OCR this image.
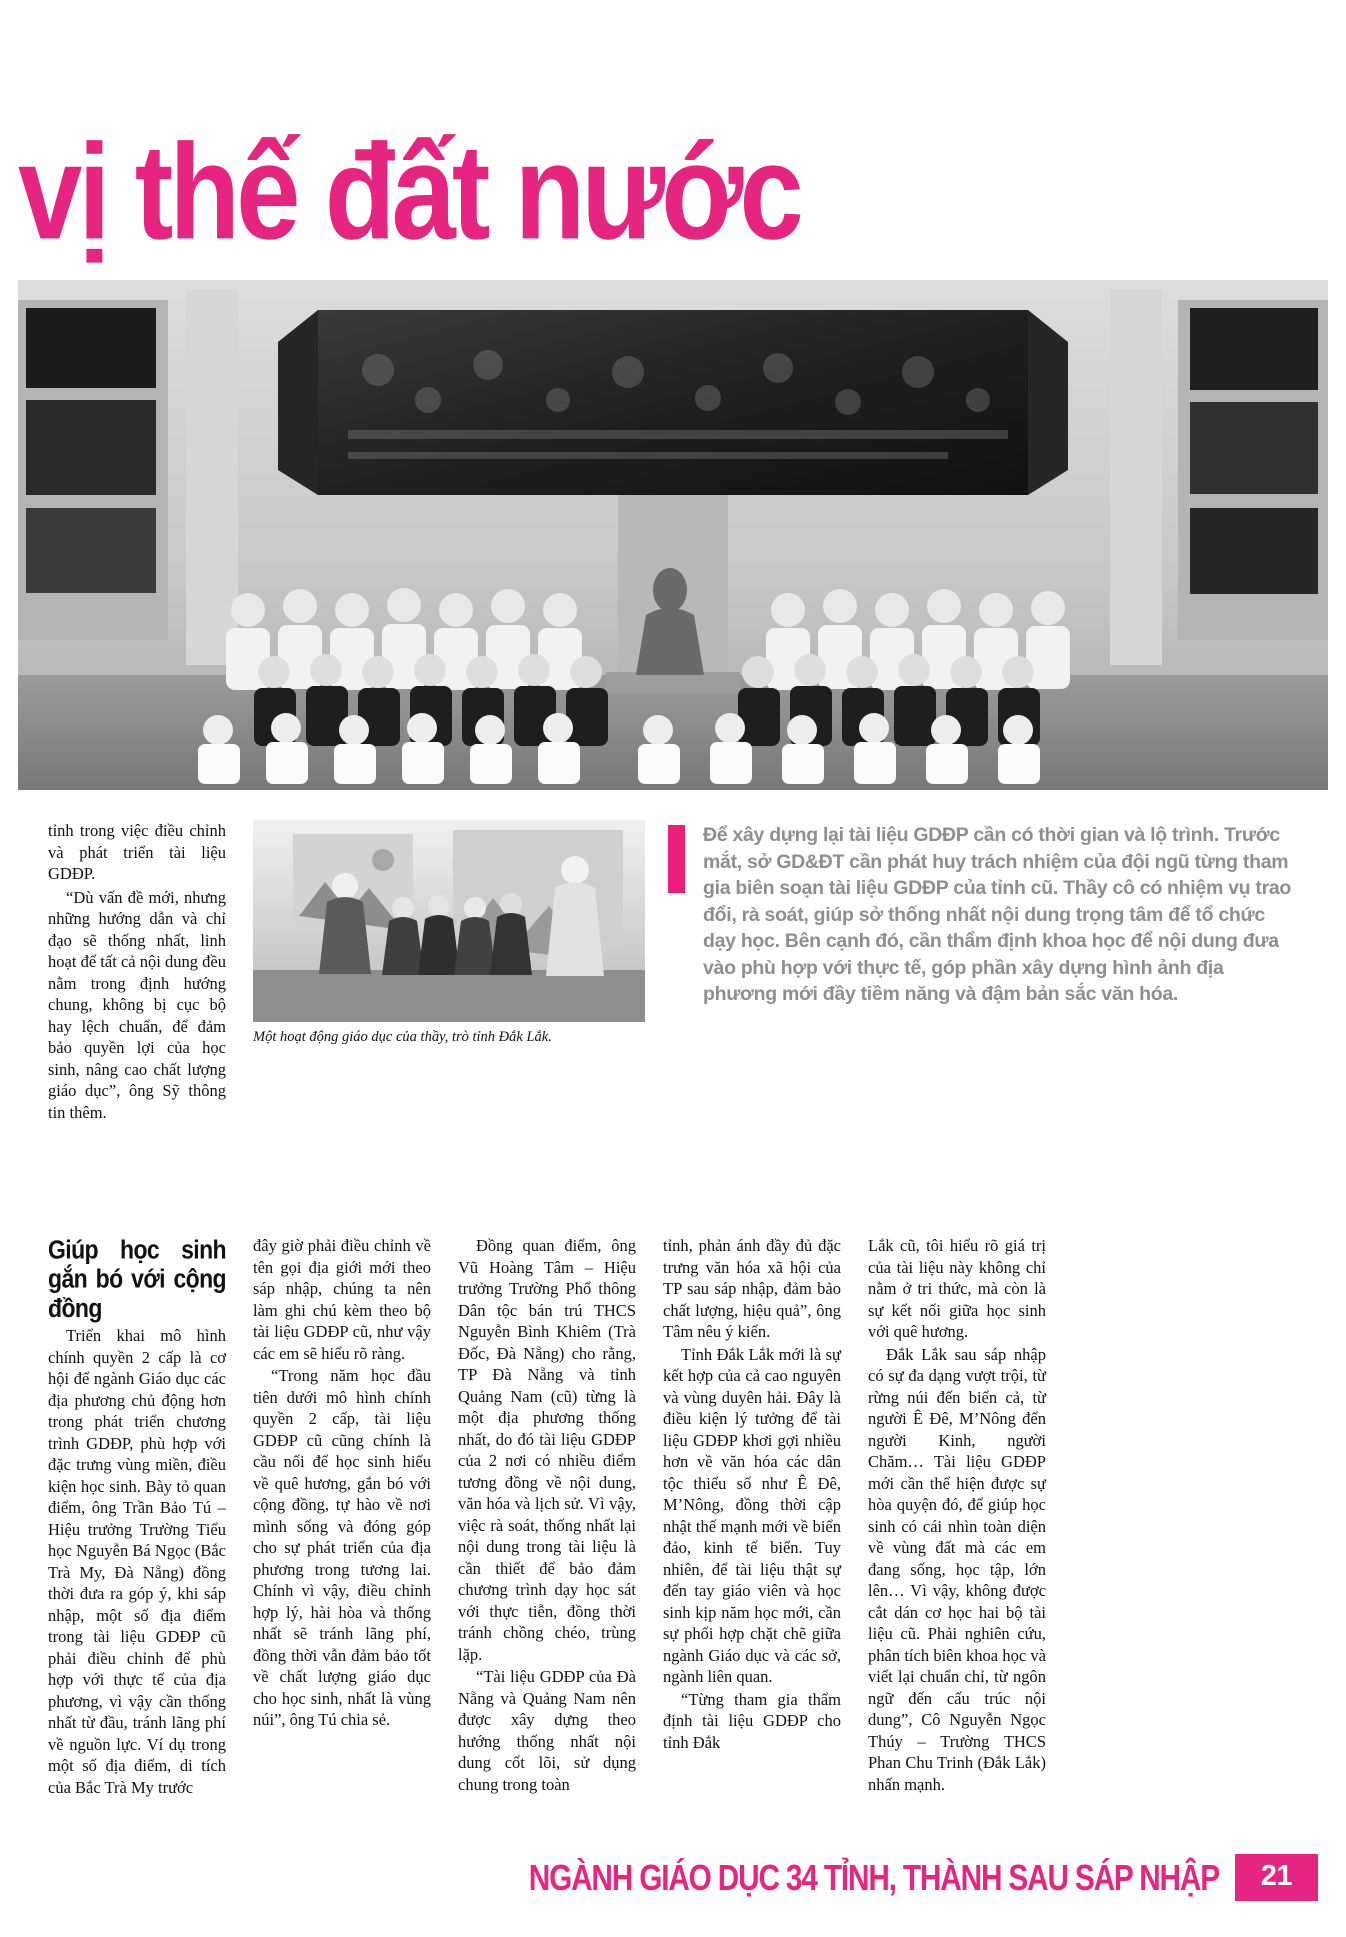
vị thế đất nước

tỉnh trong việc điều chỉnh và phát triển tài liệu GDĐP.

“Dù vấn đề mới, nhưng những hướng dẫn và chỉ đạo sẽ thống nhất, linh hoạt để tất cả nội dung đều nằm trong định hướng chung, không bị cục bộ hay lệch chuẩn, để đảm bảo quyền lợi của học sinh, nâng cao chất lượng giáo dục”, ông Sỹ thông tin thêm.

Một hoạt động giáo dục của thầy, trò tỉnh Đắk Lắk.
Để xây dựng lại tài liệu GDĐP cần có thời gian và lộ trình. Trước mắt, sở GD&ĐT cần phát huy trách nhiệm của đội ngũ từng tham gia biên soạn tài liệu GDĐP của tỉnh cũ. Thầy cô có nhiệm vụ trao đổi, rà soát, giúp sở thống nhất nội dung trọng tâm để tổ chức dạy học. Bên cạnh đó, cần thẩm định khoa học để nội dung đưa vào phù hợp với thực tế, góp phần xây dựng hình ảnh địa phương mới đầy tiềm năng và đậm bản sắc văn hóa.
Giúp học sinh gắn bó với cộng đồng

Triển khai mô hình chính quyền 2 cấp là cơ hội để ngành Giáo dục các địa phương chủ động hơn trong phát triển chương trình GDĐP, phù hợp với đặc trưng vùng miền, điều kiện học sinh. Bày tỏ quan điểm, ông Trần Bảo Tú – Hiệu trưởng Trường Tiểu học Nguyễn Bá Ngọc (Bắc Trà My, Đà Nẵng) đồng thời đưa ra góp ý, khi sáp nhập, một số địa điểm trong tài liệu GDĐP cũ phải điều chỉnh để phù hợp với thực tế của địa phương, vì vậy cần thống nhất từ đầu, tránh lãng phí về nguồn lực. Ví dụ trong một số địa điểm, di tích của Bắc Trà My trước

đây giờ phải điều chỉnh về tên gọi địa giới mới theo sáp nhập, chúng ta nên làm ghi chú kèm theo bộ tài liệu GDĐP cũ, như vậy các em sẽ hiểu rõ ràng.

“Trong năm học đầu tiên dưới mô hình chính quyền 2 cấp, tài liệu GDĐP cũ cũng chính là cầu nối để học sinh hiểu về quê hương, gắn bó với cộng đồng, tự hào về nơi mình sống và đóng góp cho sự phát triển của địa phương trong tương lai. Chính vì vậy, điều chỉnh hợp lý, hài hòa và thống nhất sẽ tránh lãng phí, đồng thời vẫn đảm bảo tốt về chất lượng giáo dục cho học sinh, nhất là vùng núi”, ông Tú chia sẻ.

Đồng quan điểm, ông Vũ Hoàng Tâm – Hiệu trưởng Trường Phổ thông Dân tộc bán trú THCS Nguyễn Bình Khiêm (Trà Đốc, Đà Nẵng) cho rằng, TP Đà Nẵng và tỉnh Quảng Nam (cũ) từng là một địa phương thống nhất, do đó tài liệu GDĐP của 2 nơi có nhiều điểm tương đồng về nội dung, văn hóa và lịch sử. Vì vậy, việc rà soát, thống nhất lại nội dung trong tài liệu là cần thiết để bảo đảm chương trình dạy học sát với thực tiễn, đồng thời tránh chồng chéo, trùng lặp.

“Tài liệu GDĐP của Đà Nẵng và Quảng Nam nên được xây dựng theo hướng thống nhất nội dung cốt lõi, sử dụng chung trong toàn

tỉnh, phản ánh đầy đủ đặc trưng văn hóa xã hội của TP sau sáp nhập, đảm bảo chất lượng, hiệu quả”, ông Tâm nêu ý kiến.

Tỉnh Đắk Lắk mới là sự kết hợp của cả cao nguyên và vùng duyên hải. Đây là điều kiện lý tưởng để tài liệu GDĐP khơi gợi nhiều hơn về văn hóa các dân tộc thiểu số như Ê Đê, M’Nông, đồng thời cập nhật thế mạnh mới về biển đảo, kinh tế biển. Tuy nhiên, để tài liệu thật sự đến tay giáo viên và học sinh kịp năm học mới, cần sự phối hợp chặt chẽ giữa ngành Giáo dục và các sở, ngành liên quan.

“Từng tham gia thẩm định tài liệu GDĐP cho tỉnh Đắk

Lắk cũ, tôi hiểu rõ giá trị của tài liệu này không chỉ nằm ở tri thức, mà còn là sự kết nối giữa học sinh với quê hương.

Đắk Lắk sau sáp nhập có sự đa dạng vượt trội, từ rừng núi đến biển cả, từ người Ê Đê, M’Nông đến người Kinh, người Chăm… Tài liệu GDĐP mới cần thể hiện được sự hòa quyện đó, để giúp học sinh có cái nhìn toàn diện về vùng đất mà các em đang sống, học tập, lớn lên… Vì vậy, không được cắt dán cơ học hai bộ tài liệu cũ. Phải nghiên cứu, phân tích biên khoa học và viết lại chuẩn chỉ, từ ngôn ngữ đến cấu trúc nội dung”, Cô Nguyễn Ngọc Thúy – Trường THCS Phan Chu Trinh (Đắk Lắk) nhấn mạnh.

NGÀNH GIÁO DỤC 34 TỈNH, THÀNH SAU SÁP NHẬP	21
